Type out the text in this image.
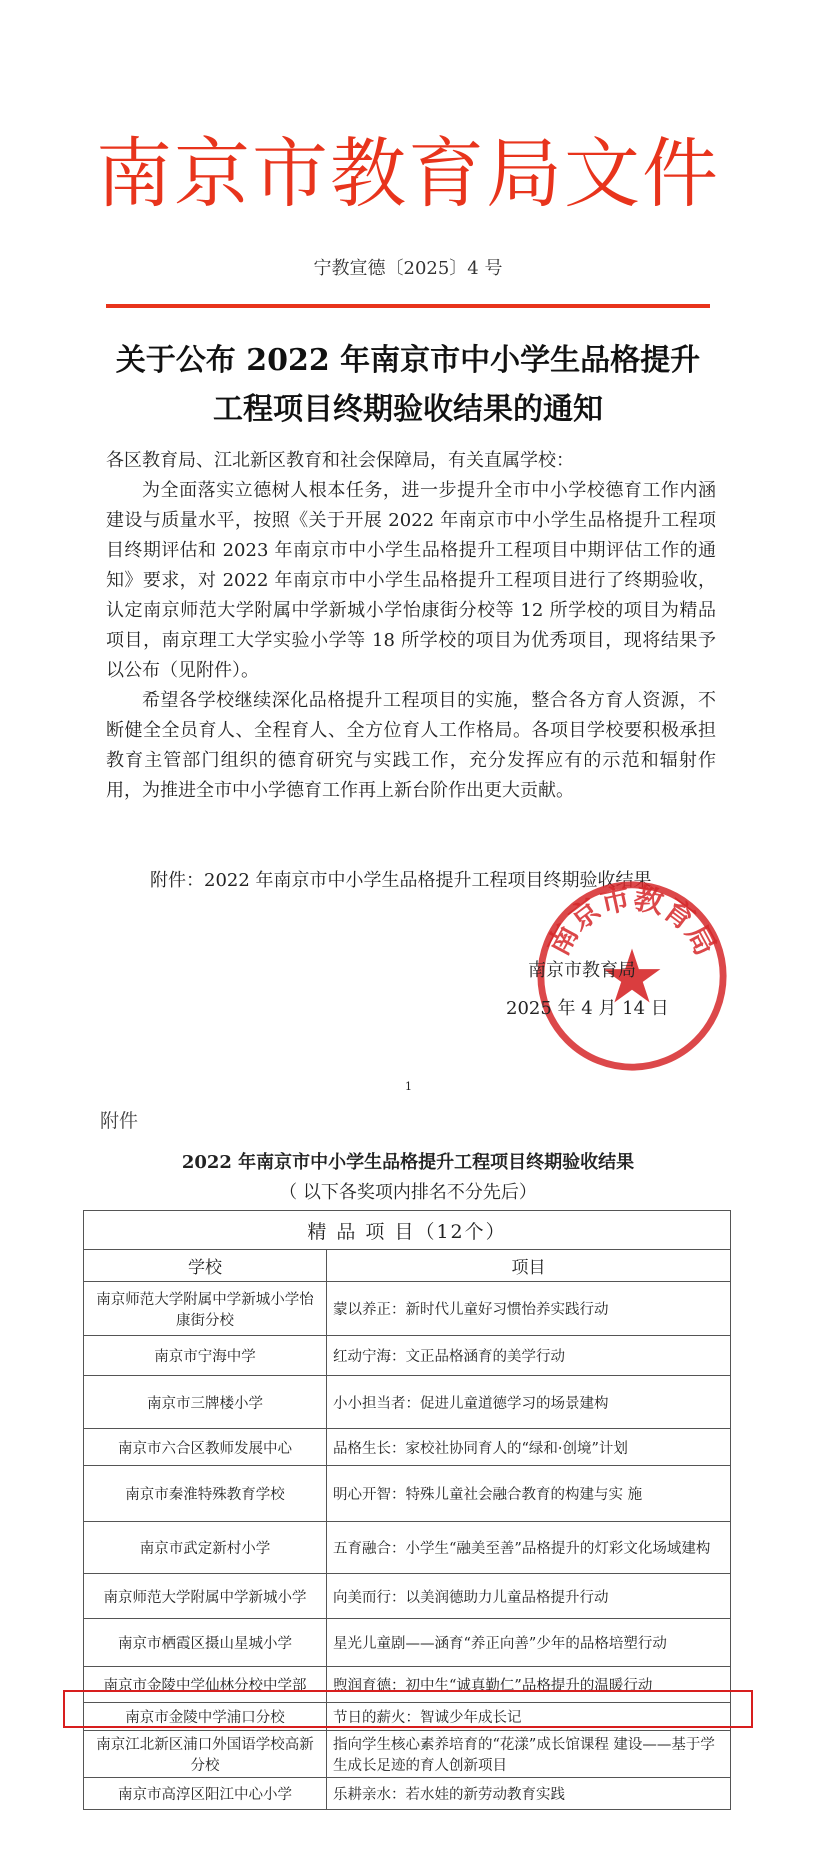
南京市教育局文件
宁教宣德〔2025〕4 号
关于公布 2022 年南京市中小学生品格提升
工程项目终期验收结果的通知

各区教育局、江北新区教育和社会保障局，有关直属学校：

为全面落实立德树人根本任务，进一步提升全市中小学校德育工作内涵建设与质量水平，按照《关于开展 2022 年南京市中小学生品格提升工程项目终期评估和 2023 年南京市中小学生品格提升工程项目中期评估工作的通知》要求，对 2022 年南京市中小学生品格提升工程项目进行了终期验收，认定南京师范大学附属中学新城小学怡康街分校等 12 所学校的项目为精品项目，南京理工大学实验小学等 18 所学校的项目为优秀项目，现将结果予以公布（见附件）。

希望各学校继续深化品格提升工程项目的实施，整合各方育人资源，不断健全全员育人、全程育人、全方位育人工作格局。各项目学校要积极承担教育主管部门组织的德育研究与实践工作，充分发挥应有的示范和辐射作用，为推进全市中小学德育工作再上新台阶作出更大贡献。

附件：2022 年南京市中小学生品格提升工程项目终期验收结果
南京市教育局
南京市教育局
2025 年 4 月 14 日
1
附件
2022 年南京市中小学生品格提升工程项目终期验收结果
（ 以下各奖项内排名不分先后）
精 品 项 目（12个）	
学校	项目
南京师范大学附属中学新城小学怡康街分校	蒙以养正：新时代儿童好习惯怡养实践行动
南京市宁海中学	红动宁海：文正品格涵育的美学行动
南京市三牌楼小学	小小担当者：促进儿童道德学习的场景建构
南京市六合区教师发展中心	品格生长：家校社协同育人的“绿和·创境”计划
南京市秦淮特殊教育学校	明心开智：特殊儿童社会融合教育的构建与实 施
南京市武定新村小学	五育融合：小学生“融美至善”品格提升的灯彩文化场域建构
南京师范大学附属中学新城小学	向美而行：以美润德助力儿童品格提升行动
南京市栖霞区摄山星城小学	星光儿童剧——涵育“养正向善”少年的品格培塑行动
南京市金陵中学仙林分校中学部	煦润育德：初中生“诚真勤仁”品格提升的温暖行动
南京市金陵中学浦口分校	节日的薪火：智诚少年成长记
南京江北新区浦口外国语学校高新分校	指向学生核心素养培育的“花漾”成长馆课程 建设——基于学生成长足迹的育人创新项目
南京市高淳区阳江中心小学	乐耕亲水：若水娃的新劳动教育实践
